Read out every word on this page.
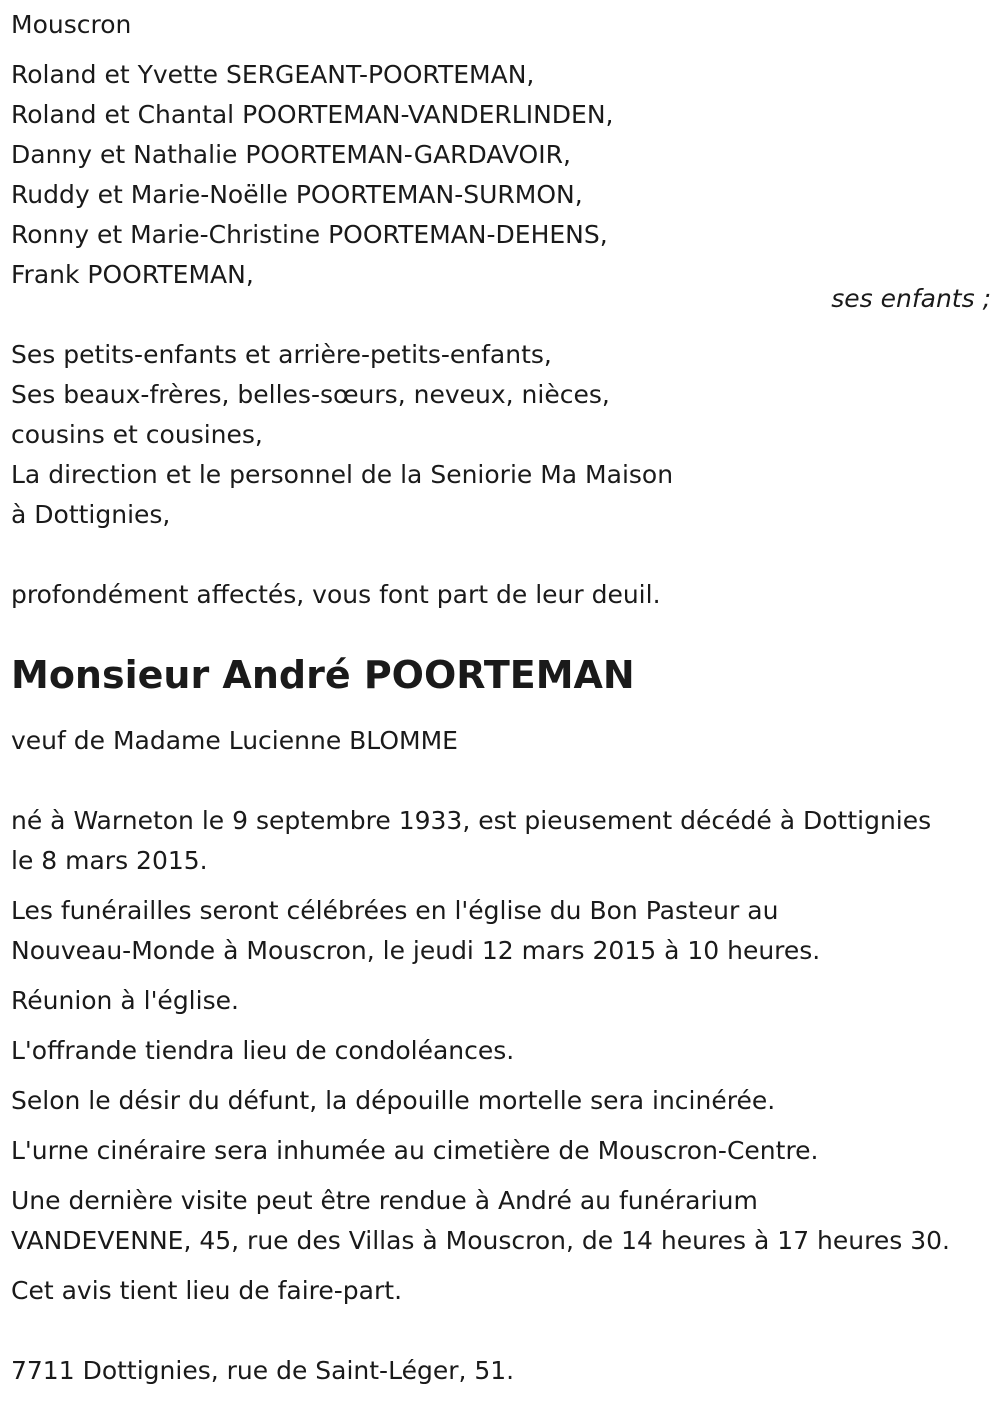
Mouscron
Roland et Yvette SERGEANT-POORTEMAN,
Roland et Chantal POORTEMAN-VANDERLINDEN,
Danny et Nathalie POORTEMAN-GARDAVOIR,
Ruddy et Marie-Noëlle POORTEMAN-SURMON,
Ronny et Marie-Christine POORTEMAN-DEHENS,
Frank POORTEMAN,
ses enfants ;
Ses petits-enfants et arrière-petits-enfants,
Ses beaux-frères, belles-sœurs, neveux, nièces,
cousins et cousines,
La direction et le personnel de la Seniorie Ma Maison
à Dottignies,
profondément affectés, vous font part de leur deuil.
Monsieur André POORTEMAN
veuf de Madame Lucienne BLOMME
né à Warneton le 9 septembre 1933, est pieusement décédé à Dottignies
le 8 mars 2015.
Les funérailles seront célébrées en l'église du Bon Pasteur au
Nouveau-Monde à Mouscron, le jeudi 12 mars 2015 à 10 heures.
Réunion à l'église.
L'offrande tiendra lieu de condoléances.
Selon le désir du défunt, la dépouille mortelle sera incinérée.
L'urne cinéraire sera inhumée au cimetière de Mouscron-Centre.
Une dernière visite peut être rendue à André au funérarium
VANDEVENNE, 45, rue des Villas à Mouscron, de 14 heures à 17 heures 30.
Cet avis tient lieu de faire-part.
7711 Dottignies, rue de Saint-Léger, 51.
